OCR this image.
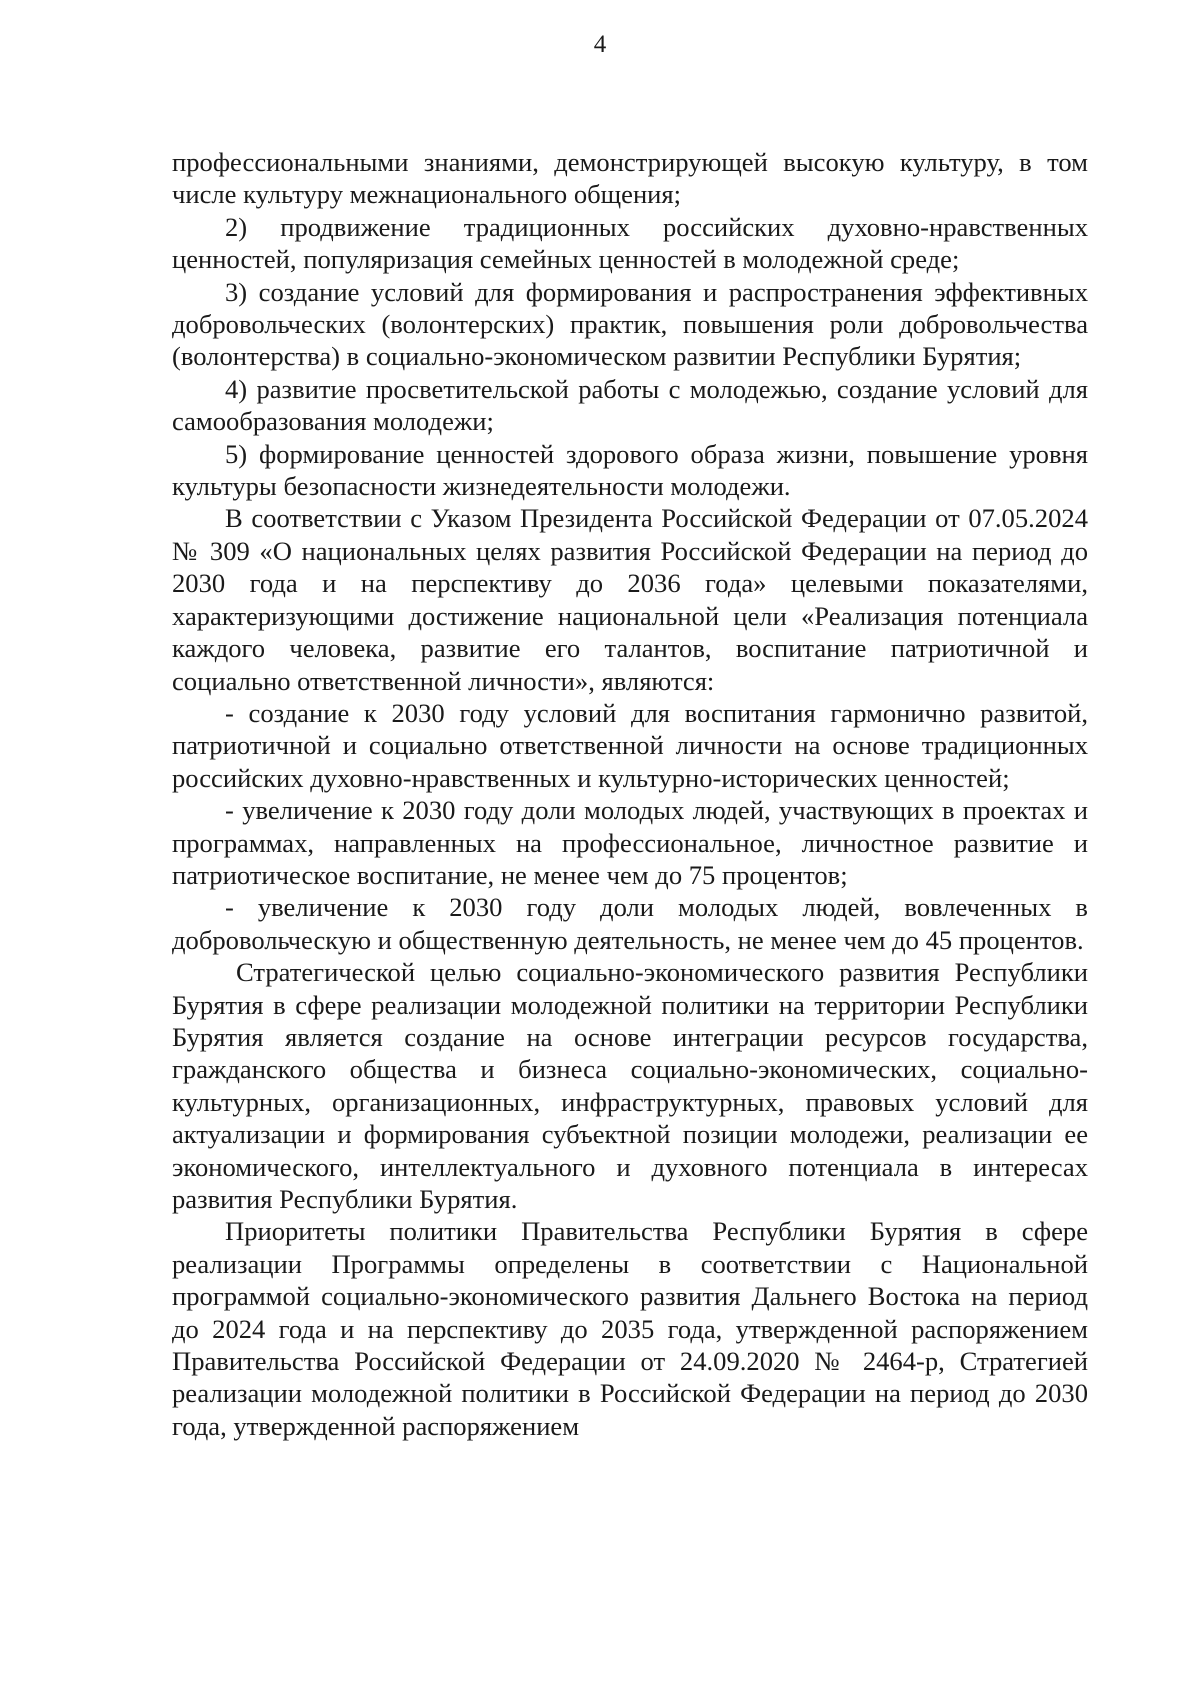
4

профессиональными знаниями, демонстрирующей высокую культуру, в том числе культуру межнационального общения;

2) продвижение традиционных российских духовно-нравственных ценностей, популяризация семейных ценностей в молодежной среде;

3) создание условий для формирования и распространения эффективных добровольческих (волонтерских) практик, повышения роли добровольчества (волонтерства) в социально-экономическом развитии Республики Бурятия;

4) развитие просветительской работы с молодежью, создание условий для самообразования молодежи;

5) формирование ценностей здорового образа жизни, повышение уровня культуры безопасности жизнедеятельности молодежи.

В соответствии с Указом Президента Российской Федерации от 07.05.2024 № 309 «О национальных целях развития Российской Федерации на период до 2030 года и на перспективу до 2036 года» целевыми показателями, характеризующими достижение национальной цели «Реализация потенциала каждого человека, развитие его талантов, воспитание патриотичной и социально ответственной личности», являются:

- создание к 2030 году условий для воспитания гармонично развитой, патриотичной и социально ответственной личности на основе традиционных российских духовно-нравственных и культурно-исторических ценностей;

- увеличение к 2030 году доли молодых людей, участвующих в проектах и программах, направленных на профессиональное, личностное развитие и патриотическое воспитание, не менее чем до 75 процентов;

- увеличение к 2030 году доли молодых людей, вовлеченных в добровольческую и общественную деятельность, не менее чем до 45 процентов.

Стратегической целью социально-экономического развития Республики Бурятия в сфере реализации молодежной политики на территории Республики Бурятия является создание на основе интеграции ресурсов государства, гражданского общества и бизнеса социально-экономических, социально-культурных, организационных, инфраструктурных, правовых условий для актуализации и формирования субъектной позиции молодежи, реализации ее экономического, интеллектуального и духовного потенциала в интересах развития Республики Бурятия.

Приоритеты политики Правительства Республики Бурятия в сфере реализации Программы определены в соответствии с Национальной программой социально-экономического развития Дальнего Востока на период до 2024 года и на перспективу до 2035 года, утвержденной распоряжением Правительства Российской Федерации от 24.09.2020 № 2464-р, Стратегией реализации молодежной политики в Российской Федерации на период до 2030 года, утвержденной распоряжением
